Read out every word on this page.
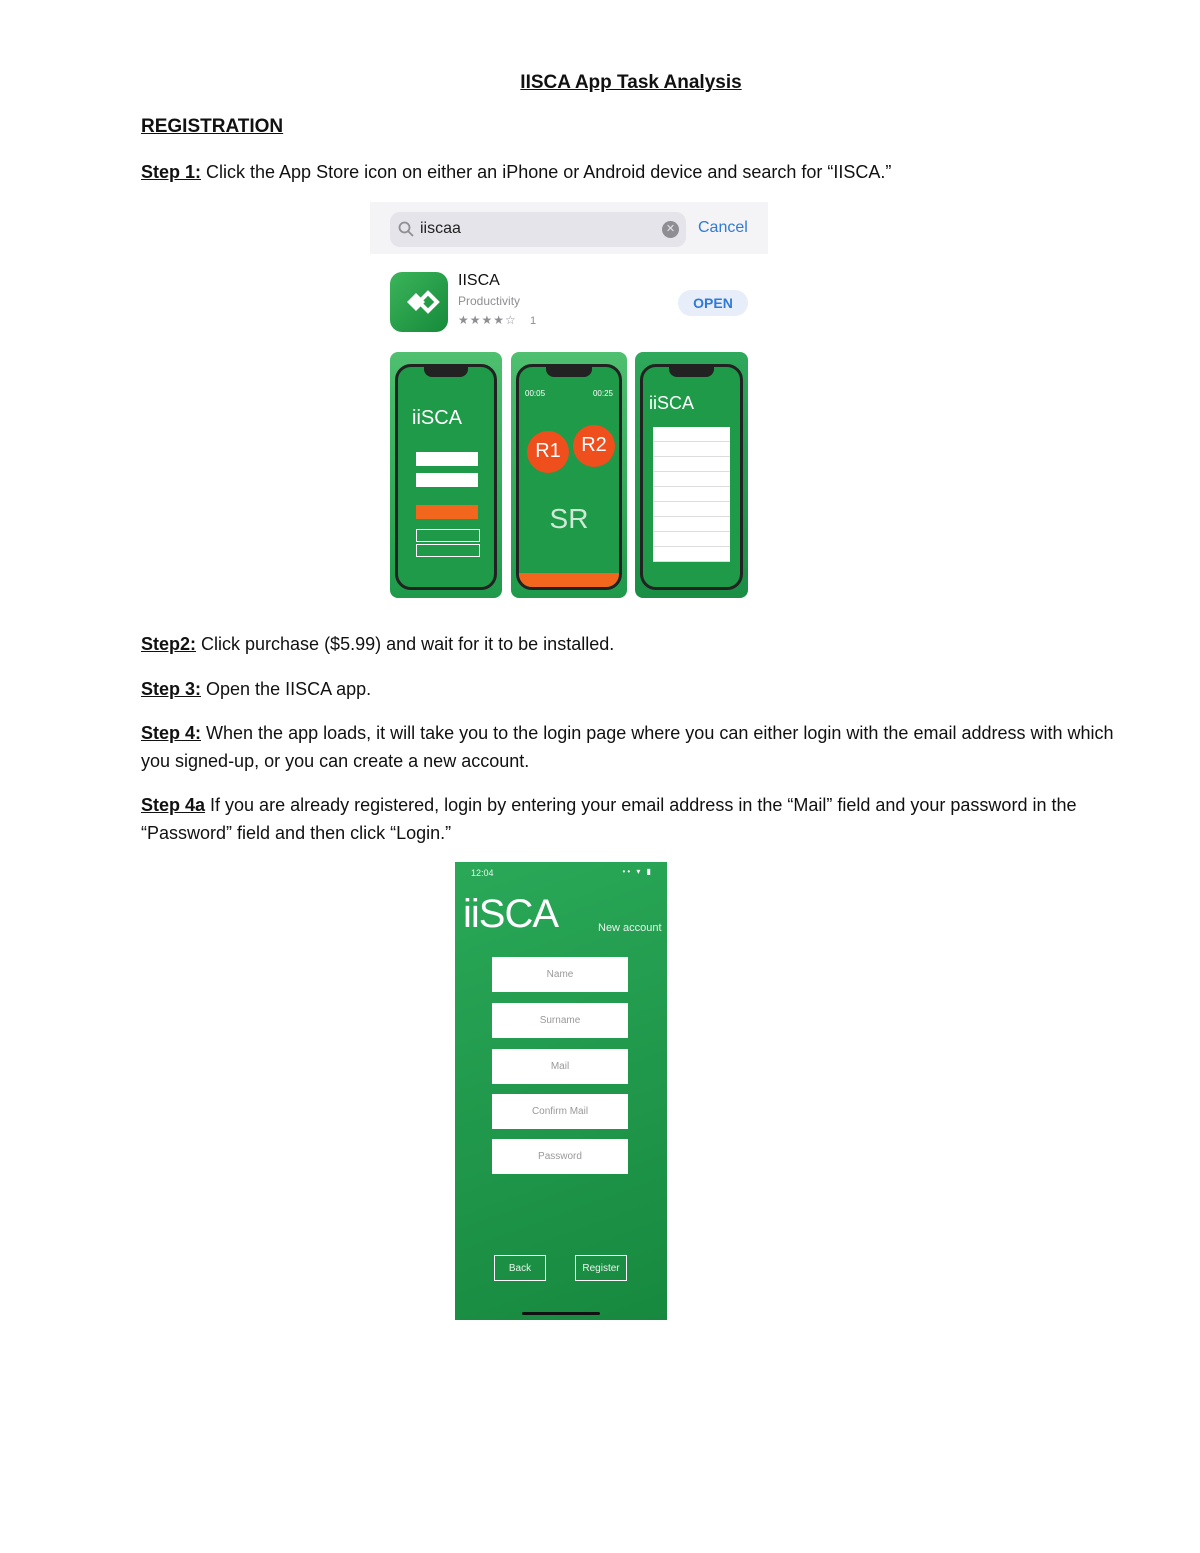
IISCA App Task Analysis
REGISTRATION
Step 1: Click the App Store icon on either an iPhone or Android device and search for “IISCA.”
iiscaa	✕ Cancel
IISCA
Productivity
★★★★☆ 1
OPEN
iiSCA
00:05	00:25
R1	R2
SR
iiSCA
Step2: Click purchase ($5.99) and wait for it to be installed.
Step 3: Open the IISCA app.
Step 4: When the app loads, it will take you to the login page where you can either login with the email address with which you signed-up, or you can create a new account.
Step 4a If you are already registered, login by entering your email address in the “Mail” field and your password in the “Password” field and then click “Login.”
12:04	•• ▾ ▮
iiSCA	New account
Name
Surname
Mail
Confirm Mail
Password
Back	Register
